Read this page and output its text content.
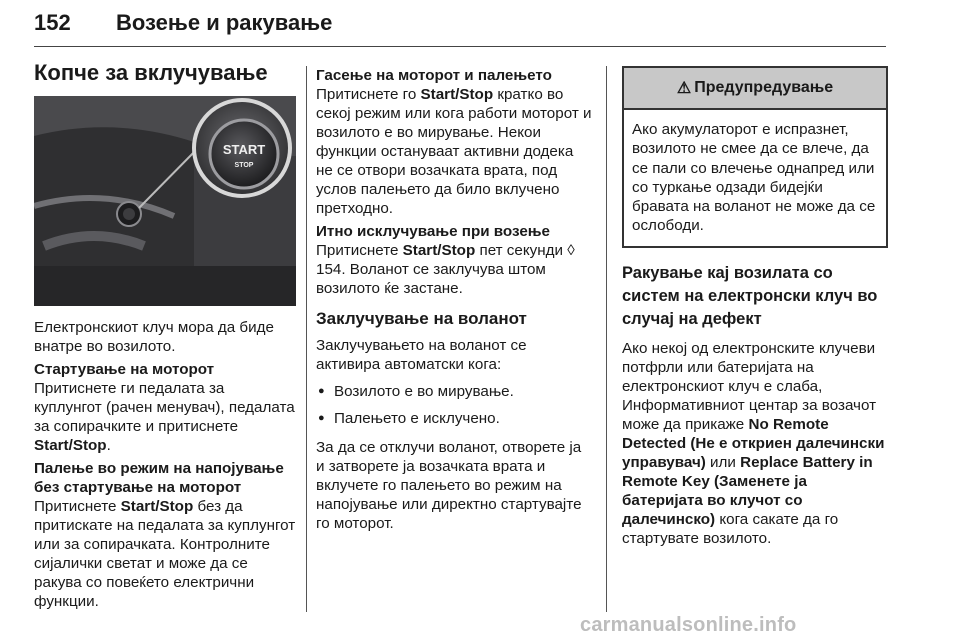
152 Возење и ракување
Копче за вклучување
START
STOP

Електронскиот клуч мора да биде внатре во возилото.

Стартување на моторот

Притиснете ги педалата за куплунгот (рачен менувач), педалата за сопирачките и притиснете Start/Stop.

Палење во режим на напојување без стартување на моторот

Притиснете Start/Stop без да притискате на педалата за куплунгот или за сопирачката. Контролните сијалички светат и може да се ракува со повеќето електрични функции.

Гасење на моторот и палењето

Притиснете го Start/Stop кратко во секој режим или кога работи моторот и возилото е во мирување. Некои функции остануваат активни додека не се отвори возачката врата, под услов палењето да било вклучено претходно.

Итно исклучување при возење

Притиснете Start/Stop пет секунди ◊ 154. Воланот се заклучува штом возилото ќе застане.

Заклучување на воланот

Заклучувањето на воланот се активира автоматски кога:

● Возилото е во мирување.
● Палењето е исклучено.

За да се отклучи воланот, отворете ја и затворете ја возачката врата и вклучете го палењето во режим на напојување или директно стартувајте го моторот.

⚠ Предупредување
Ако акумулаторот е испразнет, возилото не смее да се влече, да се пали со влечење однапред или со туркање одзади бидејќи бравата на воланот не може да се ослободи.
Ракување кај возилата со систем на електронски клуч во случај на дефект

Ако некој од електронските клучеви потфрли или батеријата на електронскиот клуч е слаба, Информативниот центар за возачот може да прикаже No Remote Detected (Не е откриен далечински управувач) или Replace Battery in Remote Key (Заменете ја батеријата во клучот со далечинско) кога сакате да го стартувате возилото.

carmanualsonline.info
